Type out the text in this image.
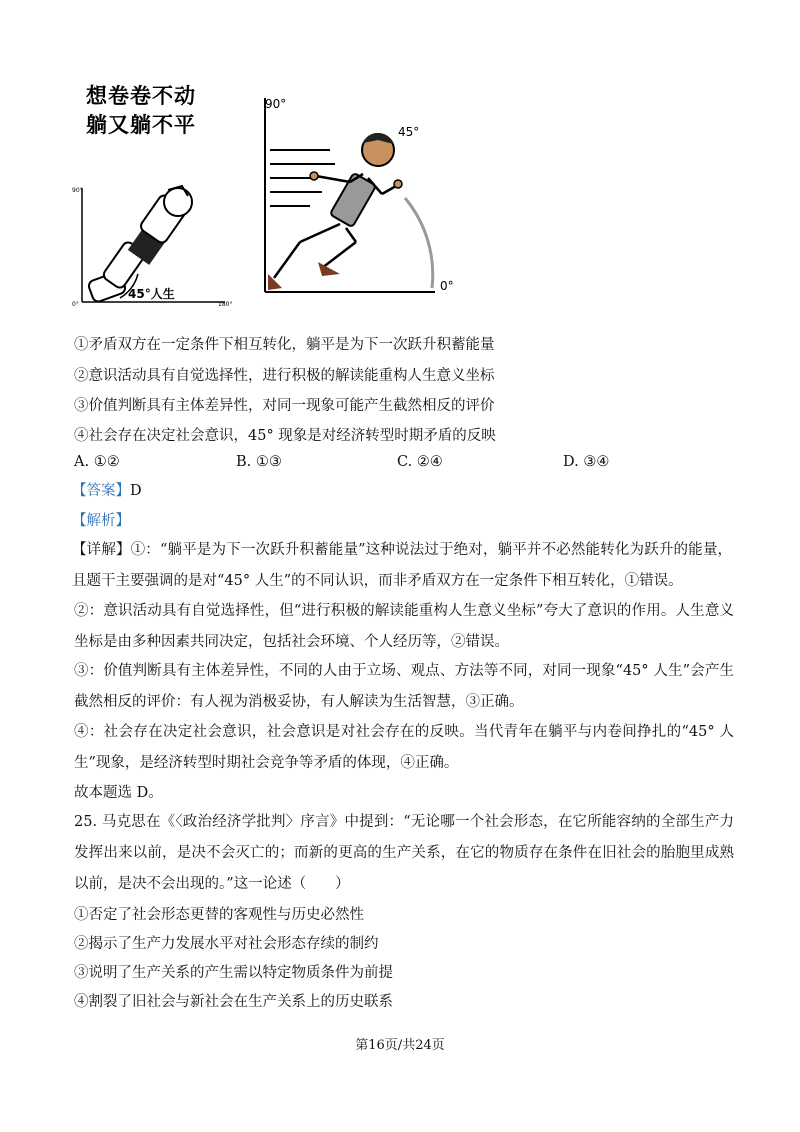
想卷卷不动
躺又躺不平
90°
0°	180°
45°人生
90°
45°
0°
①矛盾双方在一定条件下相互转化，躺平是为下一次跃升积蓄能量
②意识活动具有自觉选择性，进行积极的解读能重构人生意义坐标
③价值判断具有主体差异性，对同一现象可能产生截然相反的评价
④社会存在决定社会意识，45° 现象是对经济转型时期矛盾的反映
A. ①②	B. ①③	C. ②④	D. ③④
【答案】D
【解析】
【详解】①：“躺平是为下一次跃升积蓄能量”这种说法过于绝对，躺平并不必然能转化为跃升的能量，且题干主要强调的是对“45° 人生”的不同认识，而非矛盾双方在一定条件下相互转化，①错误。
②：意识活动具有自觉选择性，但“进行积极的解读能重构人生意义坐标”夸大了意识的作用。人生意义坐标是由多种因素共同决定，包括社会环境、个人经历等，②错误。
③：价值判断具有主体差异性，不同的人由于立场、观点、方法等不同，对同一现象“45° 人生”会产生截然相反的评价：有人视为消极妥协，有人解读为生活智慧，③正确。
④：社会存在决定社会意识，社会意识是对社会存在的反映。当代青年在躺平与内卷间挣扎的“45° 人生”现象，是经济转型时期社会竞争等矛盾的体现，④正确。
故本题选 D。
25. 马克思在《〈政治经济学批判〉序言》中提到：“无论哪一个社会形态，在它所能容纳的全部生产力发挥出来以前，是决不会灭亡的；而新的更高的生产关系，在它的物质存在条件在旧社会的胎胞里成熟以前，是决不会出现的。”这一论述（　　）
①否定了社会形态更替的客观性与历史必然性
②揭示了生产力发展水平对社会形态存续的制约
③说明了生产关系的产生需以特定物质条件为前提
④割裂了旧社会与新社会在生产关系上的历史联系
第16页/共24页
